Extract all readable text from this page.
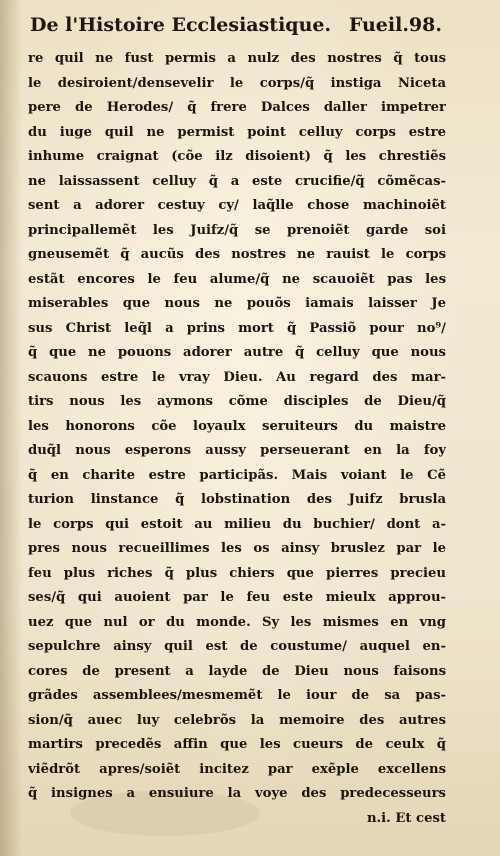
De l'Histoire Ecclesiastique. Fueil.98.
re quil ne fust permis a nulz des nostres q̃ tous
le desiroient/densevelir le corps/q̃ instiga Niceta
pere de Herodes/ q̃ frere Dalces daller impetrer
du iuge quil ne permist point celluy corps estre
inhume craignat (cõe ilz disoient) q̃ les chrestiẽs
ne laissassent celluy q̃ a este crucifie/q̃ cõmẽcas-
sent a adorer cestuy cy/ laq̃lle chose machinoiẽt
principallemẽt les Juifz/q̃ se prenoiẽt garde soi
gneusemẽt q̃ aucũs des nostres ne rauist le corps
estãt encores le feu alume/q̃ ne scauoiẽt pas les
miserables que nous ne pouõs iamais laisser Je
sus Christ leq̃l a prins mort q̃ Passiõ pour no⁹/
q̃ que ne pouons adorer autre q̃ celluy que nous
scauons estre le vray Dieu. Au regard des mar-
tirs nous les aymons cõme disciples de Dieu/q̃
les honorons cõe loyaulx seruiteurs du maistre
duq̃l nous esperons aussy perseuerant en la foy
q̃ en charite estre participãs. Mais voiant le Cẽ
turion linstance q̃ lobstination des Juifz brusla
le corps qui estoit au milieu du buchier/ dont a-
pres nous recueillimes les os ainsy bruslez par le
feu plus riches q̃ plus chiers que pierres precieu
ses/q̃ qui auoient par le feu este mieulx approu-
uez que nul or du monde. Sy les mismes en vng
sepulchre ainsy quil est de coustume/ auquel en-
cores de present a layde de Dieu nous faisons
grãdes assemblees/mesmemẽt le iour de sa pas-
sion/q̃ auec luy celebrõs la memoire des autres
martirs precedẽs affin que les cueurs de ceulx q̃
viẽdrõt apres/soiẽt incitez par exẽple excellens
q̃ insignes a ensuiure la voye des predecesseurs
n.i. Et cest
